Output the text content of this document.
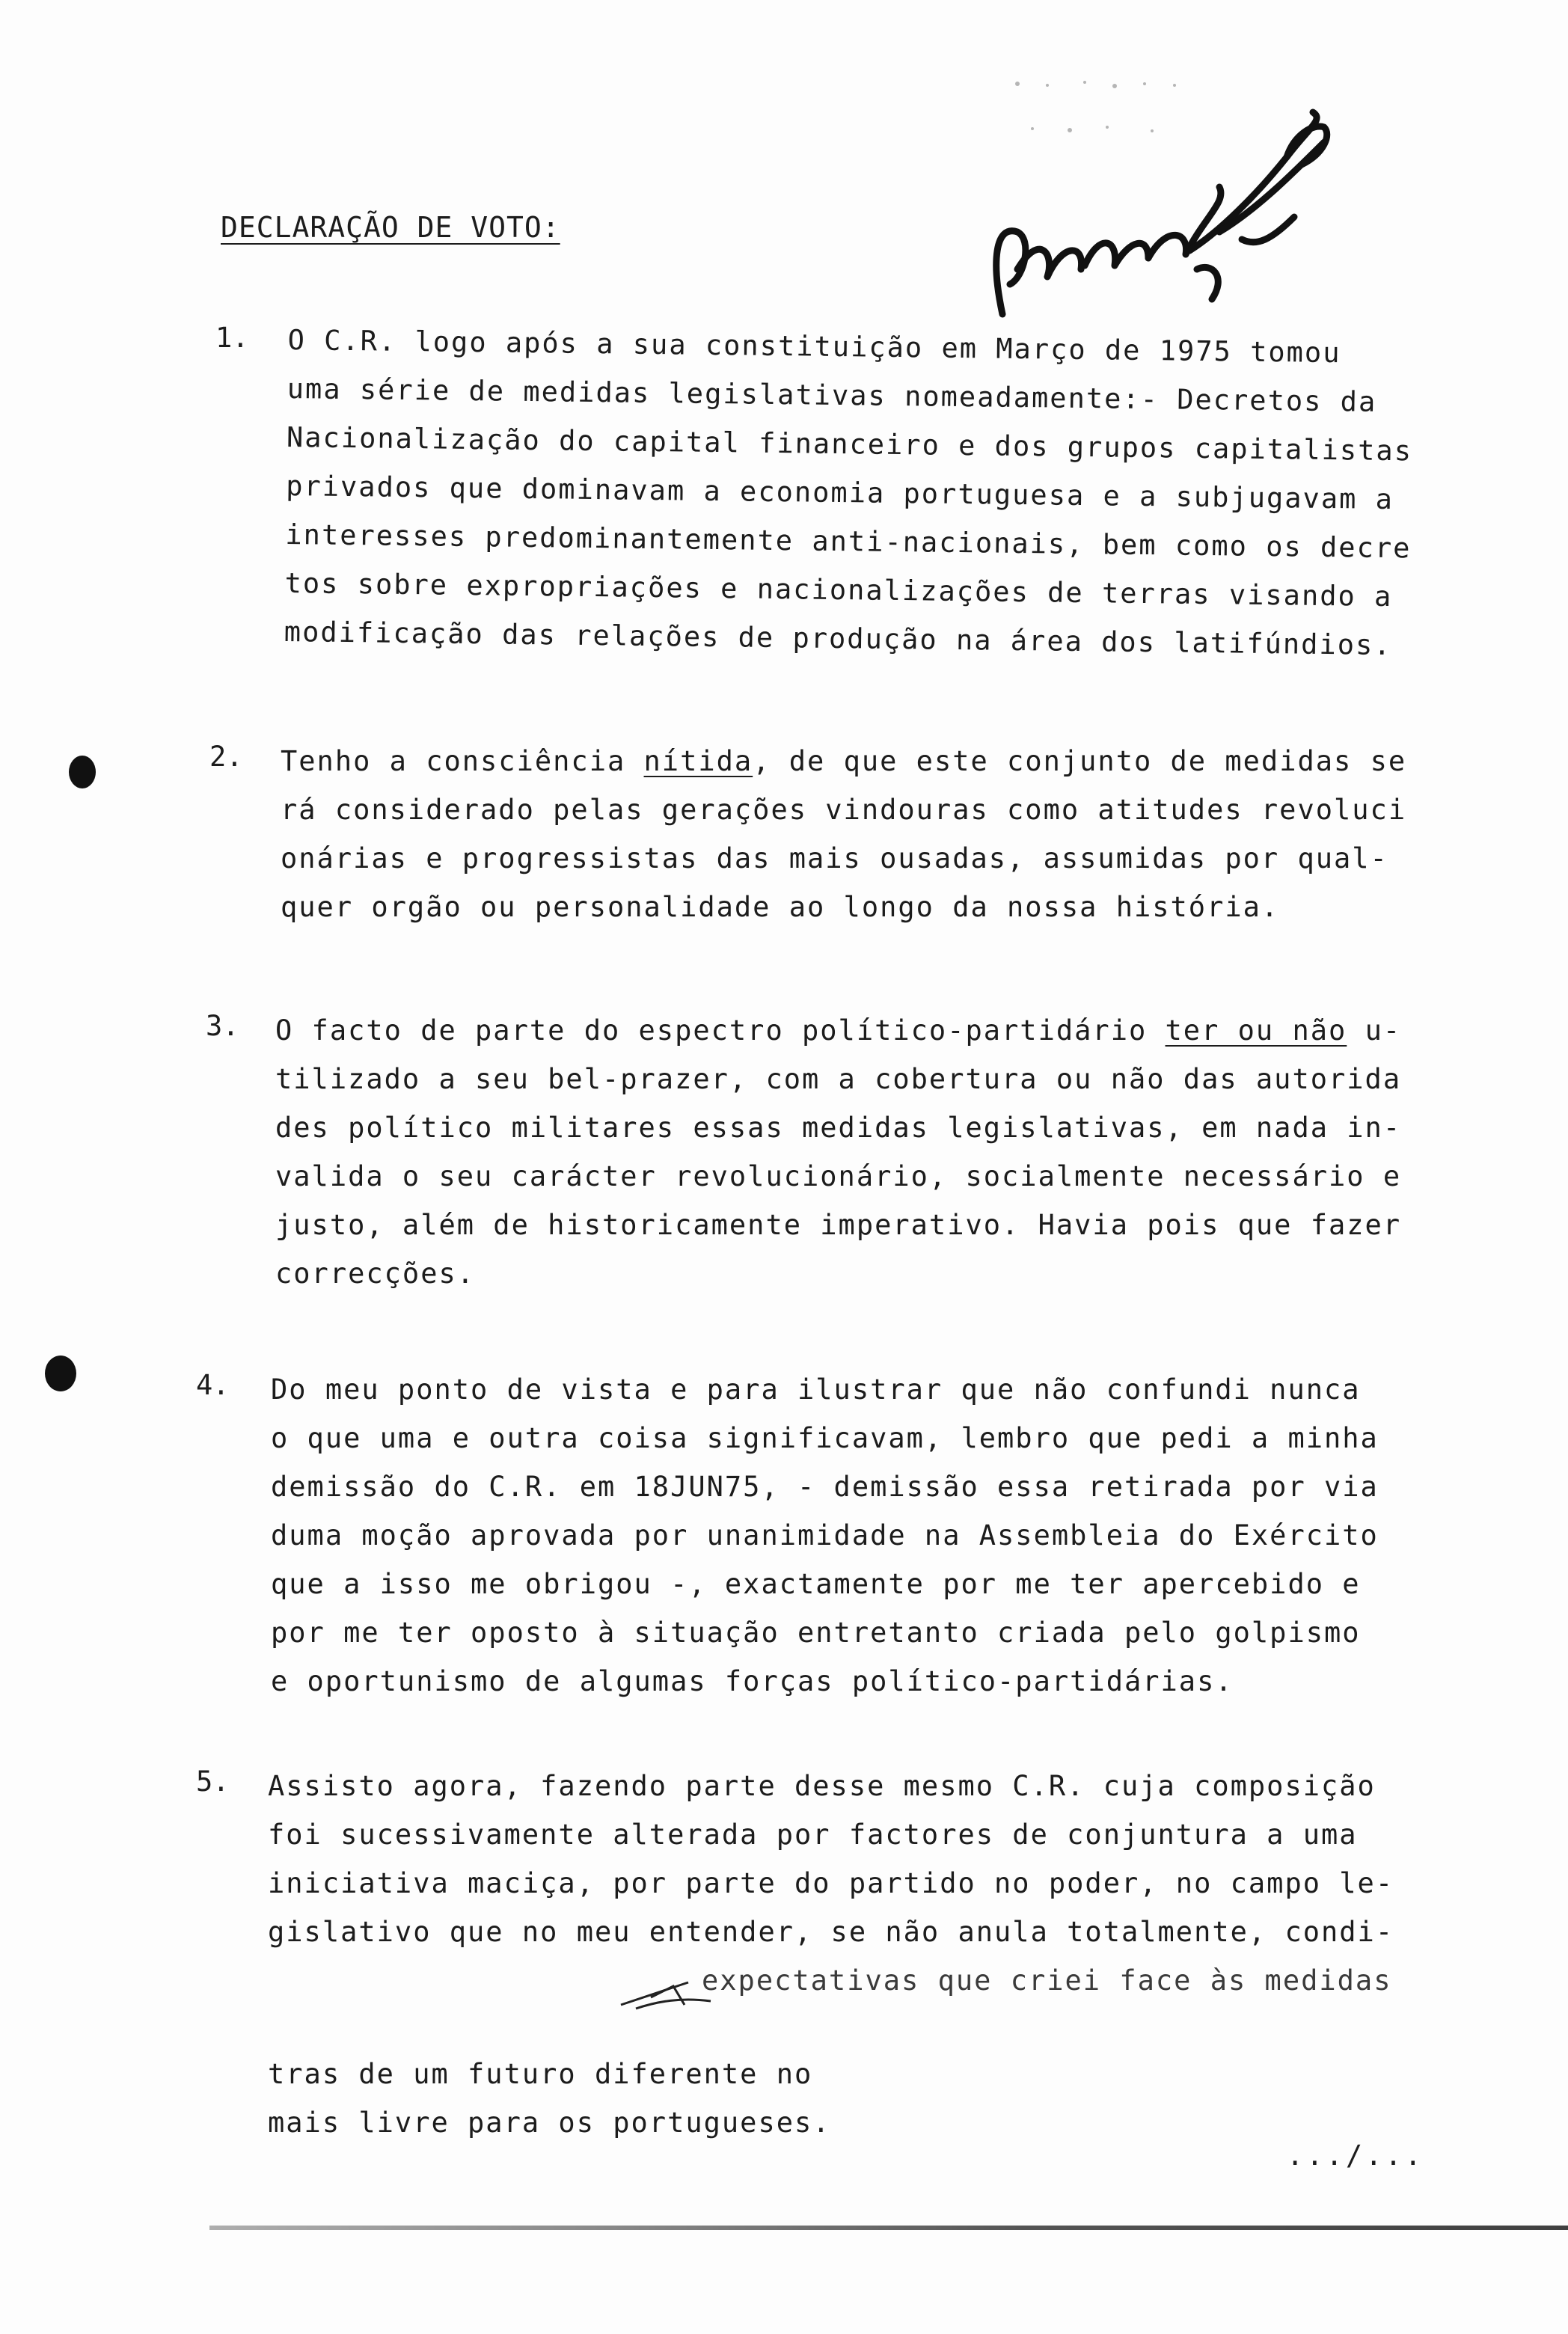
DECLARAÇÃO DE VOTO:
1. O C.R. logo após a sua constituição em Março de 1975 tomou
uma série de medidas legislativas nomeadamente:- Decretos da
Nacionalização do capital financeiro e dos grupos capitalistas
privados que dominavam a economia portuguesa e a subjugavam a
interesses predominantemente anti-nacionais, bem como os decre
tos sobre expropriações e nacionalizações de terras visando a
modificação das relações de produção na área dos latifúndios.
2. Tenho a consciência nítida, de que este conjunto de medidas se
rá considerado pelas gerações vindouras como atitudes revoluci
onárias e progressistas das mais ousadas, assumidas por qual-
quer orgão ou personalidade ao longo da nossa história.
3. O facto de parte do espectro político-partidário ter ou não u-
tilizado a seu bel-prazer, com a cobertura ou não das autorida
des político militares essas medidas legislativas, em nada in-
valida o seu carácter revolucionário, socialmente necessário e
justo, além de historicamente imperativo. Havia pois que fazer
correcções.
4. Do meu ponto de vista e para ilustrar que não confundi nunca
o que uma e outra coisa significavam, lembro que pedi a minha
demissão do C.R. em 18JUN75, - demissão essa retirada por via
duma moção aprovada por unanimidade na Assembleia do Exército
que a isso me obrigou -, exactamente por me ter apercebido e
por me ter oposto à situação entretanto criada pelo golpismo
e oportunismo de algumas forças político-partidárias.
5. Assisto agora, fazendo parte desse mesmo C.R. cuja composição
foi sucessivamente alterada por factores de conjuntura a uma
iniciativa maciça, por parte do partido no poder, no campo le-
gislativo que no meu entender, se não anula totalmente, condi-
expectativas que criei face às medidas
tras de um futuro diferente no
mais livre para os portugueses.
.../...
